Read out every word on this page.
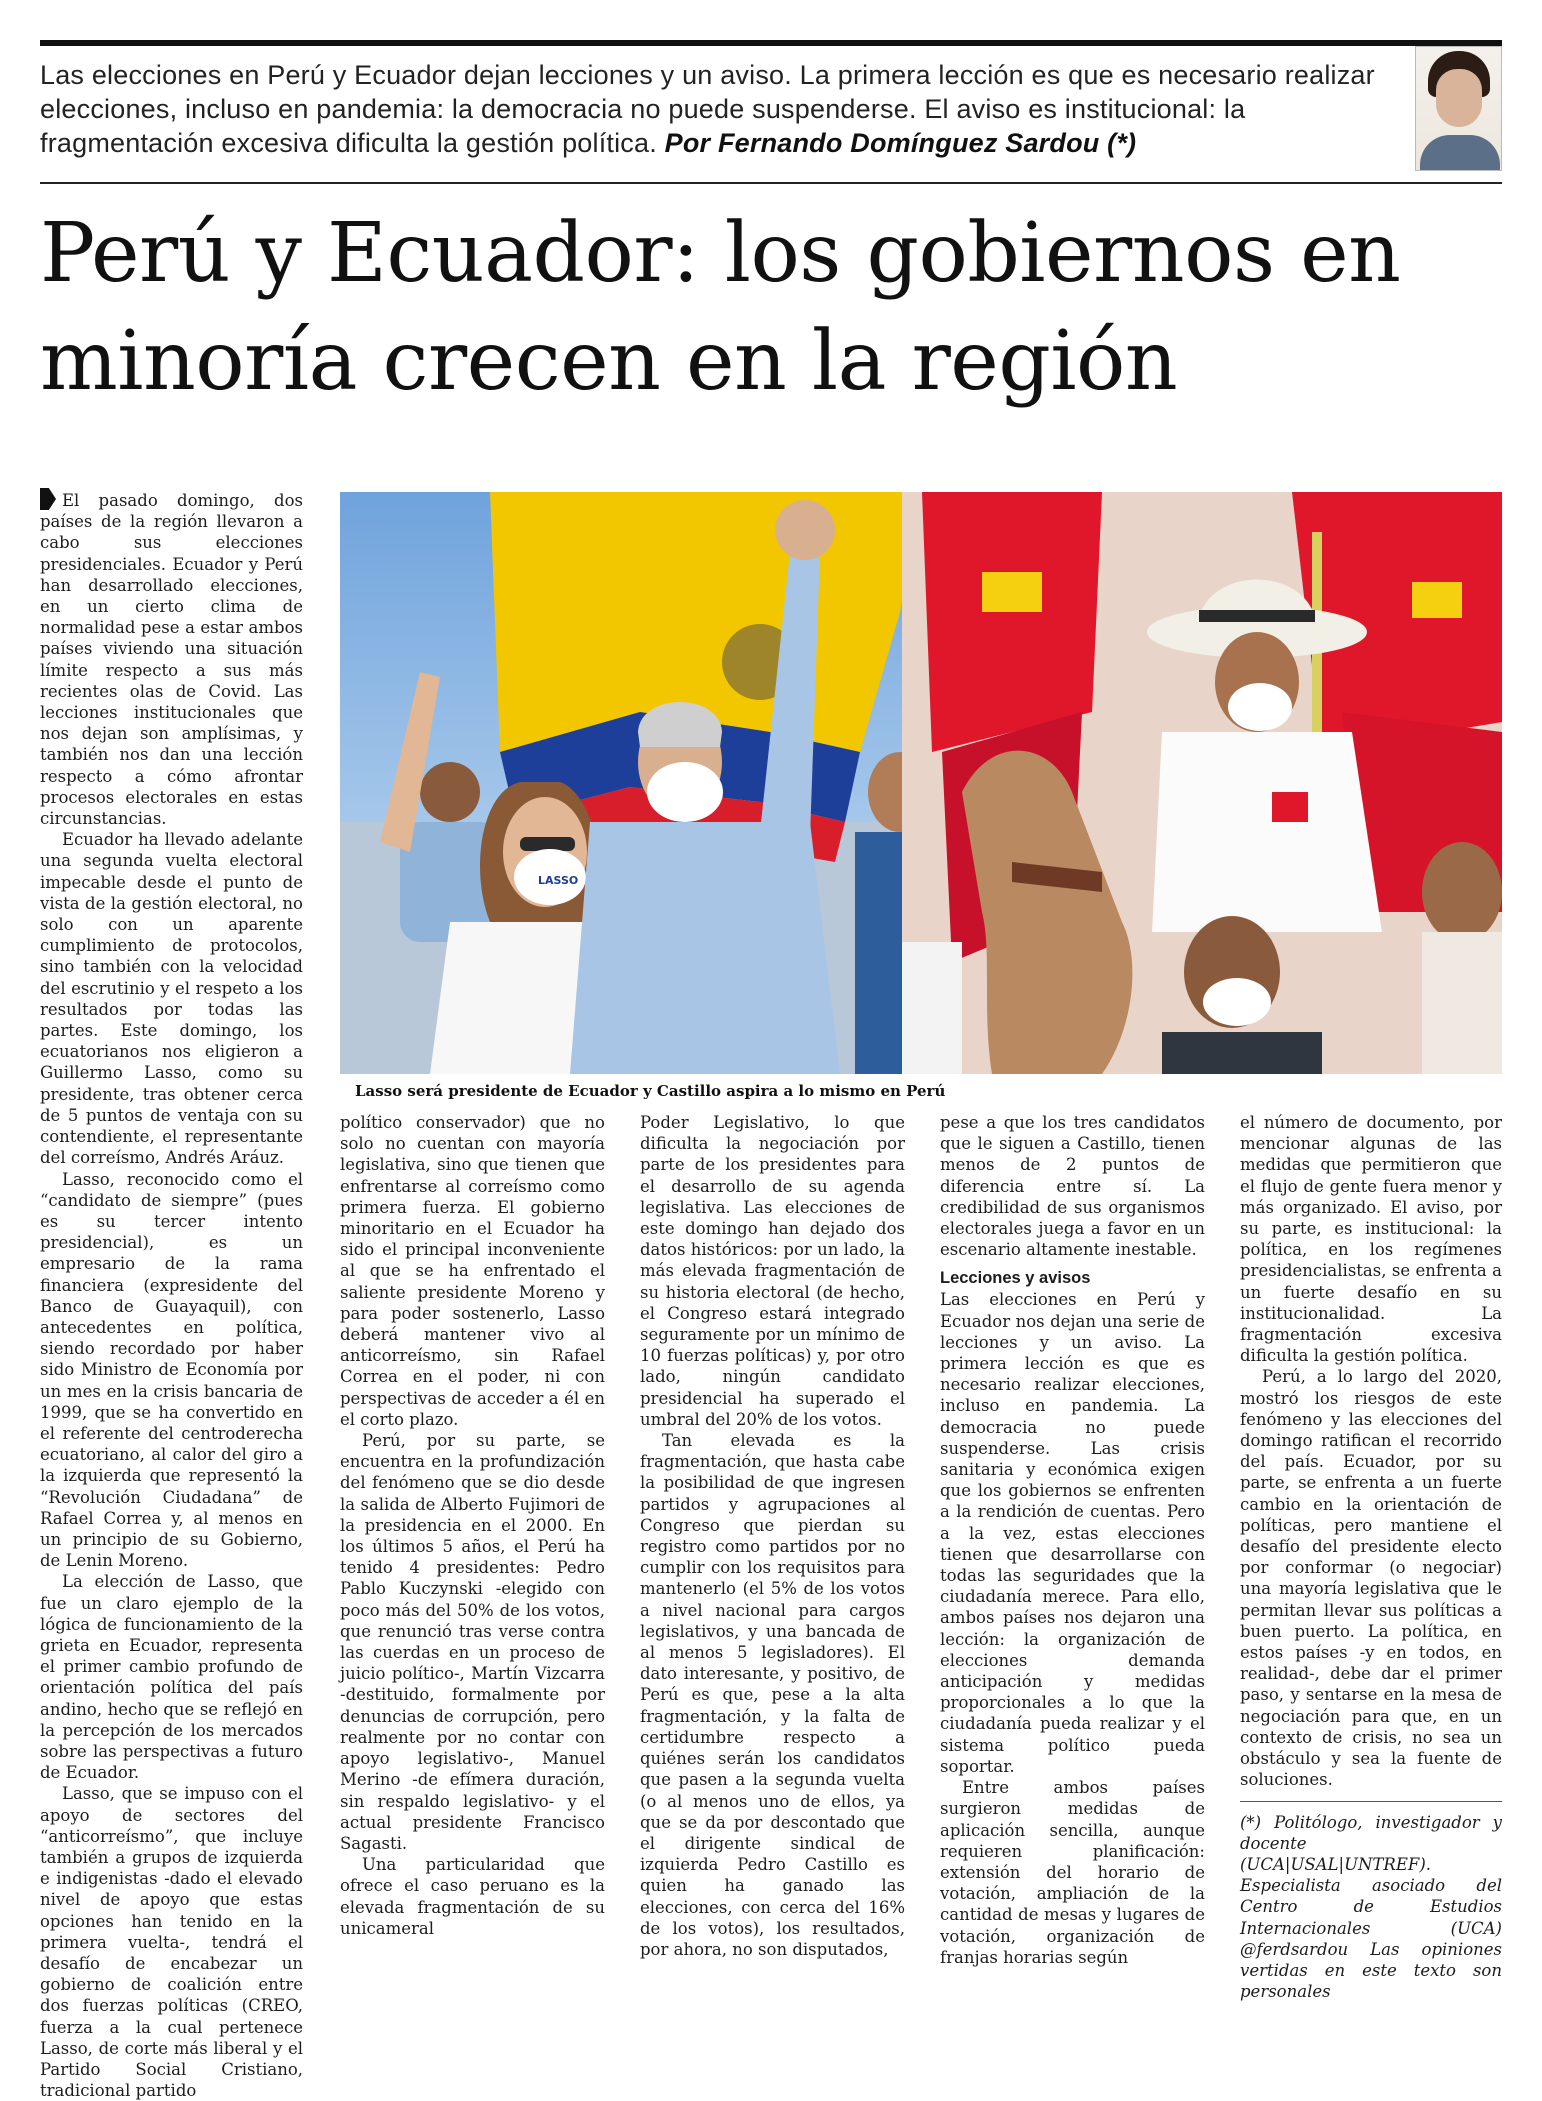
Las elecciones en Perú y Ecuador dejan lecciones y un aviso. La primera lección es que es necesario realizar elecciones, incluso en pandemia: la democracia no puede suspenderse. El aviso es institucional: la fragmentación excesiva dificulta la gestión política. Por Fernando Domínguez Sardou (*)
Perú y Ecuador: los gobiernos en minoría crecen en la región
LASSO
Lasso será presidente de Ecuador y Castillo aspira a lo mismo en Perú

El pasado domingo, dos países de la región llevaron a cabo sus elecciones presidenciales. Ecuador y Perú han desarrollado elecciones, en un cierto clima de normalidad pese a estar ambos países viviendo una situación límite respecto a sus más recientes olas de Covid. Las lecciones institucionales que nos dejan son amplísimas, y también nos dan una lección respecto a cómo afrontar procesos electorales en estas circunstancias.

Ecuador ha llevado adelante una segunda vuelta electoral impecable desde el punto de vista de la gestión electoral, no solo con un aparente cumplimiento de protocolos, sino también con la velocidad del escrutinio y el respeto a los resultados por todas las partes. Este domingo, los ecuatorianos nos eligieron a Guillermo Lasso, como su presidente, tras obtener cerca de 5 puntos de ventaja con su contendiente, el representante del correísmo, Andrés Aráuz.

Lasso, reconocido como el “candidato de siempre” (pues es su tercer intento presidencial), es un empresario de la rama financiera (expresidente del Banco de Guayaquil), con antecedentes en política, siendo recordado por haber sido Ministro de Economía por un mes en la crisis bancaria de 1999, que se ha convertido en el referente del centroderecha ecuatoriano, al calor del giro a la izquierda que representó la “Revolución Ciudadana” de Rafael Correa y, al menos en un principio de su Gobierno, de Lenin Moreno.

La elección de Lasso, que fue un claro ejemplo de la lógica de funcionamiento de la grieta en Ecuador, representa el primer cambio profundo de orientación política del país andino, hecho que se reflejó en la percepción de los mercados sobre las perspectivas a futuro de Ecuador.

Lasso, que se impuso con el apoyo de sectores del “anticorreísmo”, que incluye también a grupos de izquierda e indigenistas -dado el elevado nivel de apoyo que estas opciones han tenido en la primera vuelta-, tendrá el desafío de encabezar un gobierno de coalición entre dos fuerzas políticas (CREO, fuerza a la cual pertenece Lasso, de corte más liberal y el Partido Social Cristiano, tradicional partido

político conservador) que no solo no cuentan con mayoría legislativa, sino que tienen que enfrentarse al correísmo como primera fuerza. El gobierno minoritario en el Ecuador ha sido el principal inconveniente al que se ha enfrentado el saliente presidente Moreno y para poder sostenerlo, Lasso deberá mantener vivo al anticorreísmo, sin Rafael Correa en el poder, ni con perspectivas de acceder a él en el corto plazo.

Perú, por su parte, se encuentra en la profundización del fenómeno que se dio desde la salida de Alberto Fujimori de la presidencia en el 2000. En los últimos 5 años, el Perú ha tenido 4 presidentes: Pedro Pablo Kuczynski -elegido con poco más del 50% de los votos, que renunció tras verse contra las cuerdas en un proceso de juicio político-, Martín Vizcarra -destituido, formalmente por denuncias de corrupción, pero realmente por no contar con apoyo legislativo-, Manuel Merino -de efímera duración, sin respaldo legislativo- y el actual presidente Francisco Sagasti.

Una particularidad que ofrece el caso peruano es la elevada fragmentación de su unicameral

Poder Legislativo, lo que dificulta la negociación por parte de los presidentes para el desarrollo de su agenda legislativa. Las elecciones de este domingo han dejado dos datos históricos: por un lado, la más elevada fragmentación de su historia electoral (de hecho, el Congreso estará integrado seguramente por un mínimo de 10 fuerzas políticas) y, por otro lado, ningún candidato presidencial ha superado el umbral del 20% de los votos.

Tan elevada es la fragmentación, que hasta cabe la posibilidad de que ingresen partidos y agrupaciones al Congreso que pierdan su registro como partidos por no cumplir con los requisitos para mantenerlo (el 5% de los votos a nivel nacional para cargos legislativos, y una bancada de al menos 5 legisladores). El dato interesante, y positivo, de Perú es que, pese a la alta fragmentación, y la falta de certidumbre respecto a quiénes serán los candidatos que pasen a la segunda vuelta (o al menos uno de ellos, ya que se da por descontado que el dirigente sindical de izquierda Pedro Castillo es quien ha ganado las elecciones, con cerca del 16% de los votos), los resultados, por ahora, no son disputados,

pese a que los tres candidatos que le siguen a Castillo, tienen menos de 2 puntos de diferencia entre sí. La credibilidad de sus organismos electorales juega a favor en un escenario altamente inestable.

Lecciones y avisos

Las elecciones en Perú y Ecuador nos dejan una serie de lecciones y un aviso. La primera lección es que es necesario realizar elecciones, incluso en pandemia. La democracia no puede suspenderse. Las crisis sanitaria y económica exigen que los gobiernos se enfrenten a la rendición de cuentas. Pero a la vez, estas elecciones tienen que desarrollarse con todas las seguridades que la ciudadanía merece. Para ello, ambos países nos dejaron una lección: la organización de elecciones demanda anticipación y medidas proporcionales a lo que la ciudadanía pueda realizar y el sistema político pueda soportar.

Entre ambos países surgieron medidas de aplicación sencilla, aunque requieren planificación: extensión del horario de votación, ampliación de la cantidad de mesas y lugares de votación, organización de franjas horarias según

el número de documento, por mencionar algunas de las medidas que permitieron que el flujo de gente fuera menor y más organizado. El aviso, por su parte, es institucional: la política, en los regímenes presidencialistas, se enfrenta a un fuerte desafío en su institucionalidad. La fragmentación excesiva dificulta la gestión política.

Perú, a lo largo del 2020, mostró los riesgos de este fenómeno y las elecciones del domingo ratifican el recorrido del país. Ecuador, por su parte, se enfrenta a un fuerte cambio en la orientación de políticas, pero mantiene el desafío del presidente electo por conformar (o negociar) una mayoría legislativa que le permitan llevar sus políticas a buen puerto. La política, en estos países -y en todos, en realidad-, debe dar el primer paso, y sentarse en la mesa de negociación para que, en un contexto de crisis, no sea un obstáculo y sea la fuente de soluciones.

(*) Politólogo, investigador y docente (UCA|USAL|UNTREF). Especialista asociado del Centro de Estudios Internacionales (UCA) @ferdsardou Las opiniones vertidas en este texto son personales
